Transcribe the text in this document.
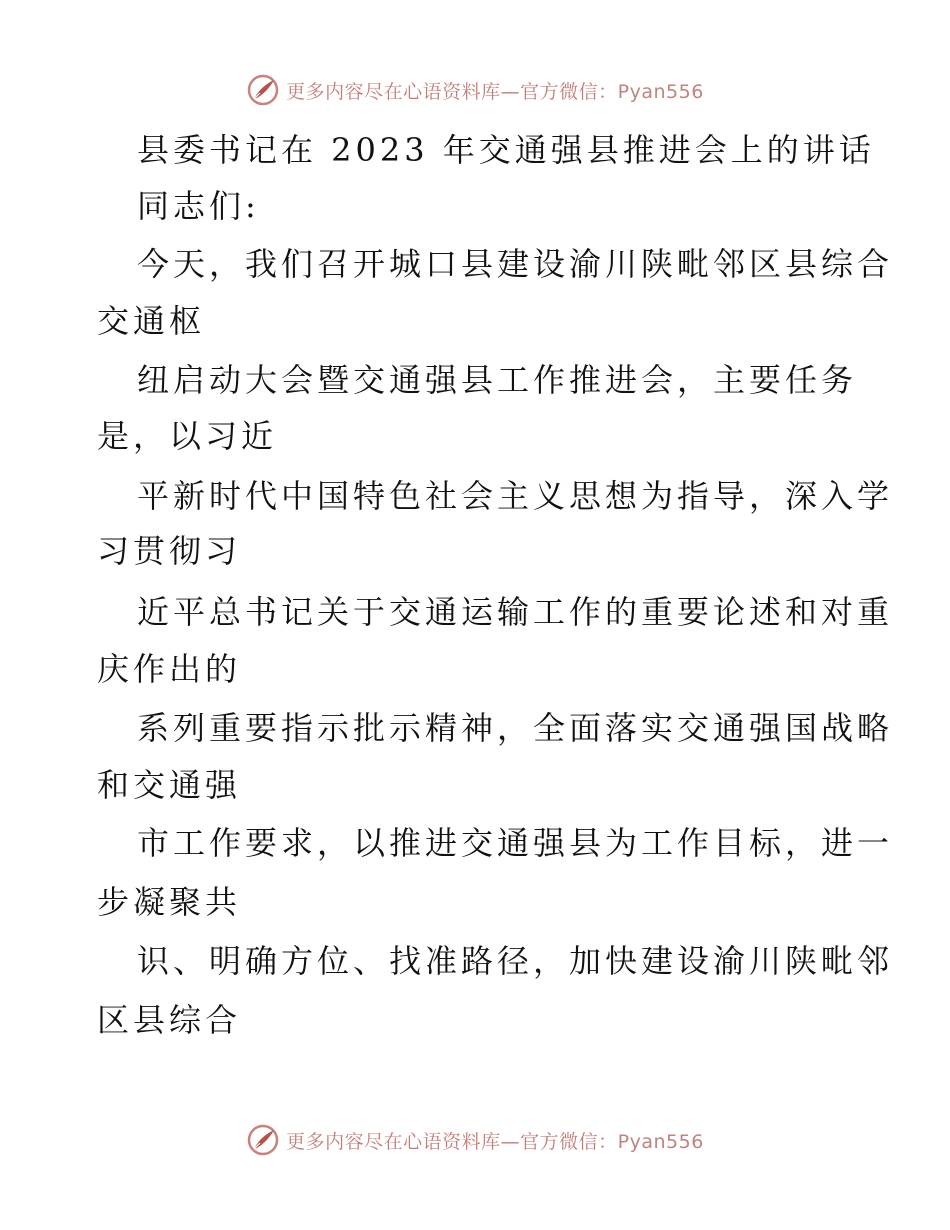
更多内容尽在心语资料库—官方微信：Pyan556
县委书记在 2023 年交通强县推进会上的讲话
同志们:
今天，我们召开城口县建设渝川陕毗邻区县综合
交通枢
纽启动大会暨交通强县工作推进会，主要任务
是，以习近
平新时代中国特色社会主义思想为指导，深入学
习贯彻习
近平总书记关于交通运输工作的重要论述和对重
庆作出的
系列重要指示批示精神，全面落实交通强国战略
和交通强
市工作要求，以推进交通强县为工作目标，进一
步凝聚共
识、明确方位、找准路径，加快建设渝川陕毗邻
区县综合
更多内容尽在心语资料库—官方微信：Pyan556
